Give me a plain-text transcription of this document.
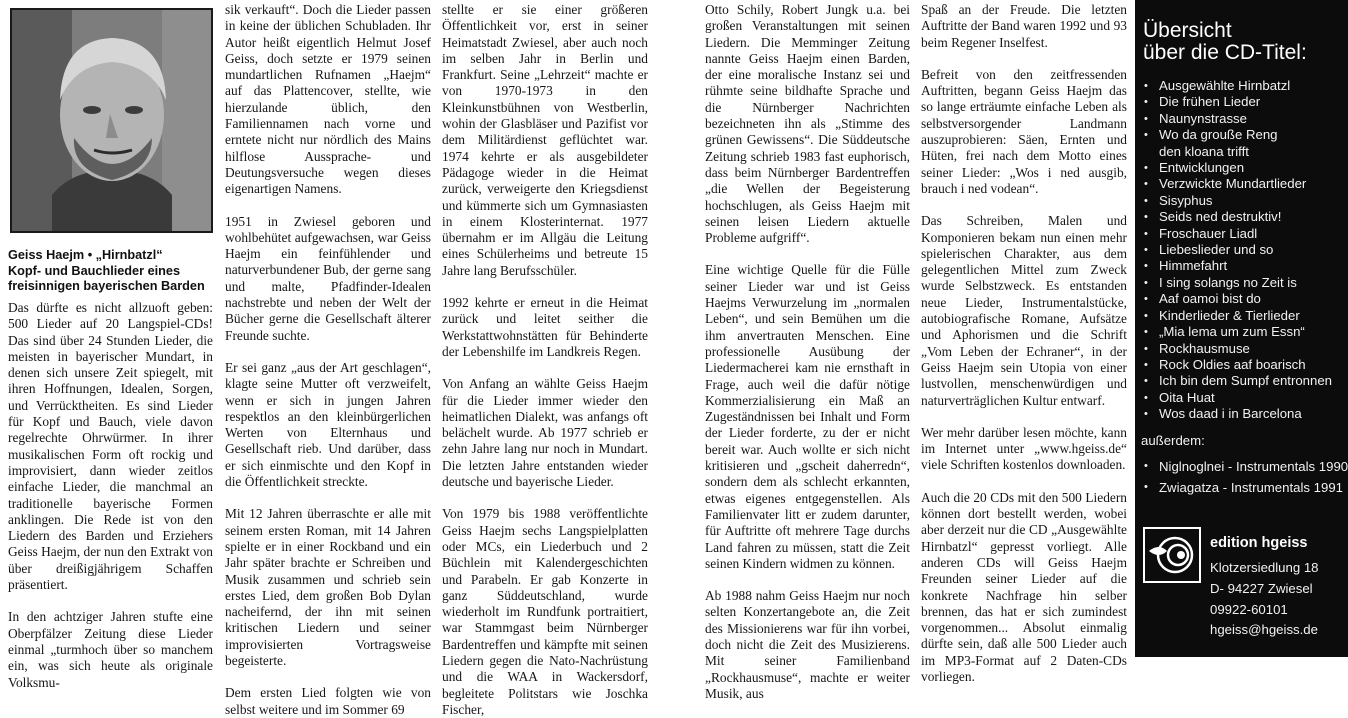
Geiss Haejm • „Hirnbatzl“
Kopf- und Bauchlieder eines
freisinnigen bayerischen Barden

Das dürfte es nicht allzuoft geben: 500 Lieder auf 20 Langspiel-CDs! Das sind über 24 Stunden Lieder, die meisten in bayerischer Mundart, in denen sich unsere Zeit spiegelt, mit ihren Hoffnungen, Idealen, Sorgen, und Verrücktheiten. Es sind Lieder für Kopf und Bauch, viele davon regelrechte Ohrwürmer. In ihrer musikalischen Form oft rockig und improvisiert, dann wieder zeitlos einfache Lieder, die manchmal an traditionelle bayerische Formen anklingen. Die Rede ist von den Liedern des Barden und Erziehers Geiss Haejm, der nun den Extrakt von über dreißigjährigem Schaffen präsentiert.

In den achtziger Jahren stufte eine Oberpfälzer Zeitung diese Lieder einmal „turmhoch über so manchem ein, was sich heute als originale Volksmu-

sik verkauft“. Doch die Lieder passen in keine der üblichen Schubladen. Ihr Autor heißt eigentlich Helmut Josef Geiss, doch setzte er 1979 seinen mundartlichen Rufnamen „Haejm“ auf das Plattencover, stellte, wie hierzulande üblich, den Familiennamen nach vorne und erntete nicht nur nördlich des Mains hilflose Aussprache- und Deutungsversuche wegen dieses eigenartigen Namens.

1951 in Zwiesel geboren und wohlbehütet aufgewachsen, war Geiss Haejm ein feinfühlender und naturverbundener Bub, der gerne sang und malte, Pfadfinder-Idealen nachstrebte und neben der Welt der Bücher gerne die Gesellschaft älterer Freunde suchte.

Er sei ganz „aus der Art geschlagen“, klagte seine Mutter oft verzweifelt, wenn er sich in jungen Jahren respektlos an den kleinbürgerlichen Werten von Elternhaus und Gesellschaft rieb. Und darüber, dass er sich einmischte und den Kopf in die Öffentlichkeit streckte.

Mit 12 Jahren überraschte er alle mit seinem ersten Roman, mit 14 Jahren spielte er in einer Rockband und ein Jahr später brachte er Schreiben und Musik zusammen und schrieb sein erstes Lied, dem großen Bob Dylan nacheifernd, der ihn mit seinen kritischen Liedern und seiner improvisierten Vortragsweise begeisterte.

Dem ersten Lied folgten wie von selbst weitere und im Sommer 69

stellte er sie einer größeren Öffentlichkeit vor, erst in seiner Heimatstadt Zwiesel, aber auch noch im selben Jahr in Berlin und Frankfurt. Seine „Lehrzeit“ machte er von 1970-1973 in den Kleinkunstbühnen von Westberlin, wohin der Glasbläser und Pazifist vor dem Militärdienst geflüchtet war. 1974 kehrte er als ausgebildeter Pädagoge wieder in die Heimat zurück, verweigerte den Kriegsdienst und kümmerte sich um Gymnasiasten in einem Klosterinternat. 1977 übernahm er im Allgäu die Leitung eines Schülerheims und betreute 15 Jahre lang Berufsschüler.

1992 kehrte er erneut in die Heimat zurück und leitet seither die Werkstattwohnstätten für Behinderte der Lebenshilfe im Landkreis Regen.

Von Anfang an wählte Geiss Haejm für die Lieder immer wieder den heimatlichen Dialekt, was anfangs oft belächelt wurde. Ab 1977 schrieb er zehn Jahre lang nur noch in Mundart. Die letzten Jahre entstanden wieder deutsche und bayerische Lieder.

Von 1979 bis 1988 veröffentlichte Geiss Haejm sechs Langspielplatten oder MCs, ein Liederbuch und 2 Büchlein mit Kalendergeschichten und Parabeln. Er gab Konzerte in ganz Süddeutschland, wurde wiederholt im Rundfunk portraitiert, war Stammgast beim Nürnberger Bardentreffen und kämpfte mit seinen Liedern gegen die Nato-Nachrüstung und die WAA in Wackersdorf, begleitete Politstars wie Joschka Fischer,

Otto Schily, Robert Jungk u.a. bei großen Veranstaltungen mit seinen Liedern. Die Memminger Zeitung nannte Geiss Haejm einen Barden, der eine moralische Instanz sei und rühmte seine bildhafte Sprache und die Nürnberger Nachrichten bezeichneten ihn als „Stimme des grünen Gewissens“. Die Süddeutsche Zeitung schrieb 1983 fast euphorisch, dass beim Nürnberger Bardentreffen „die Wellen der Begeisterung hochschlugen, als Geiss Haejm mit seinen leisen Liedern aktuelle Probleme aufgriff“.

Eine wichtige Quelle für die Fülle seiner Lieder war und ist Geiss Haejms Verwurzelung im „normalen Leben“, und sein Bemühen um die ihm anvertrauten Menschen. Eine professionelle Ausübung der Liedermacherei kam nie ernsthaft in Frage, auch weil die dafür nötige Kommerzialisierung ein Maß an Zugeständnissen bei Inhalt und Form der Lieder forderte, zu der er nicht bereit war. Auch wollte er sich nicht kritisieren und „gscheit daherredn“, sondern dem als schlecht erkannten, etwas eigenes entgegenstellen. Als Familienvater litt er zudem darunter, für Auftritte oft mehrere Tage durchs Land fahren zu müssen, statt die Zeit seinen Kindern widmen zu können.

Ab 1988 nahm Geiss Haejm nur noch selten Konzertangebote an, die Zeit des Missionierens war für ihn vorbei, doch nicht die Zeit des Musizierens. Mit seiner Familienband „Rockhausmuse“, machte er weiter Musik, aus

Spaß an der Freude. Die letzten Auftritte der Band waren 1992 und 93 beim Regener Inselfest.

Befreit von den zeitfressenden Auftritten, begann Geiss Haejm das so lange erträumte einfache Leben als selbstversorgender Landmann auszuprobieren: Säen, Ernten und Hüten, frei nach dem Motto eines seiner Lieder: „Wos i ned ausgib, brauch i ned vodean“.

Das Schreiben, Malen und Komponieren bekam nun einen mehr spielerischen Charakter, aus dem gelegentlichen Mittel zum Zweck wurde Selbstzweck. Es entstanden neue Lieder, Instrumentalstücke, autobiografische Romane, Aufsätze und Aphorismen und die Schrift „Vom Leben der Echraner“, in der Geiss Haejm sein Utopia von einer lustvollen, menschenwürdigen und naturverträglichen Kultur entwarf.

Wer mehr darüber lesen möchte, kann im Internet unter „www.hgeiss.de“ viele Schriften kostenlos downloaden.

Auch die 20 CDs mit den 500 Liedern können dort bestellt werden, wobei aber derzeit nur die CD „Ausgewählte Hirnbatzl“ gepresst vorliegt. Alle anderen CDs will Geiss Haejm Freunden seiner Lieder auf die konkrete Nachfrage hin selber brennen, das hat er sich zumindest vorgenommen... Absolut einmalig dürfte sein, daß alle 500 Lieder auch im MP3-Format auf 2 Daten-CDs vorliegen.

Übersicht
über die CD-Titel:
• Ausgewählte Hirnbatzl
• Die frühen Lieder
• Naunynstrasse
• Wo da grouße Reng
den kloana trifft
• Entwicklungen
• Verzwickte Mundartlieder
• Sisyphus
• Seids ned destruktiv!
• Froschauer Liadl
• Liebeslieder und so
• Himmefahrt
• I sing solangs no Zeit is
• Aaf oamoi bist do
• Kinderlieder & Tierlieder
• „Mia lema um zum Essn“
• Rockhausmuse
• Rock Oldies aaf boarisch
• Ich bin dem Sumpf entronnen
• Oita Huat
• Wos daad i in Barcelona
außerdem:
• Niglnoglnei - Instrumentals 1990
• Zwiagatza - Instrumentals 1991
edition hgeiss
Klotzersiedlung 18
D- 94227 Zwiesel
09922-60101
hgeiss@hgeiss.de
